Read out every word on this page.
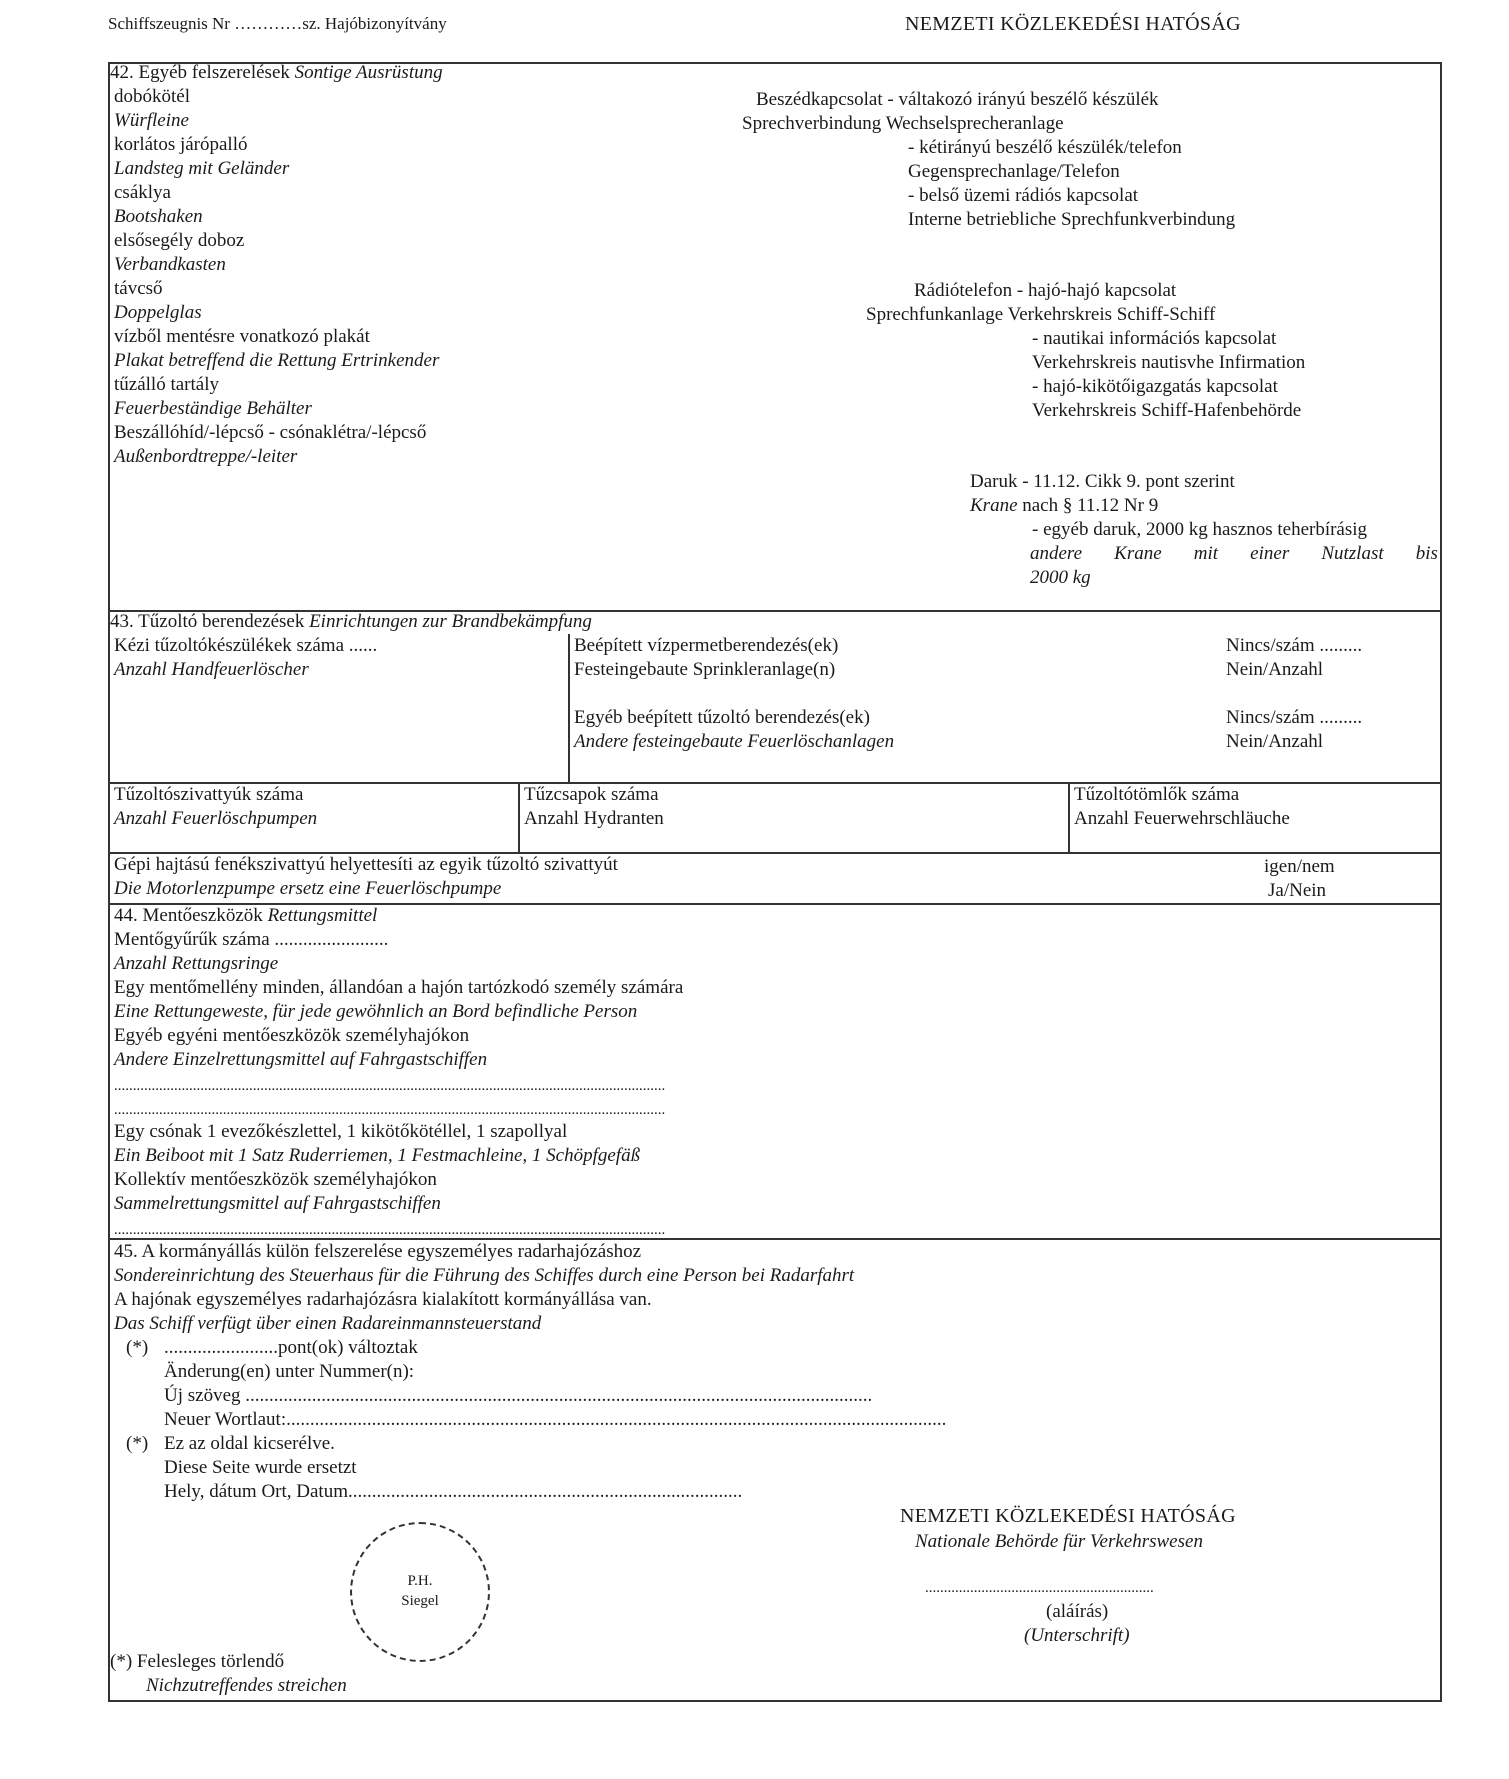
Schiffszeugnis Nr …………sz. Hajóbizonyítvány	NEMZETI KÖZLEKEDÉSI HATÓSÁG
42. Egyéb felszerelések Sontige Ausrüstung
dobókötél
Würfleine
korlátos járópalló
Landsteg mit Geländer
csáklya
Bootshaken
elsősegély doboz
Verbandkasten
távcső
Doppelglas
vízből mentésre vonatkozó plakát
Plakat betreffend die Rettung Ertrinkender
tűzálló tartály
Feuerbeständige Behälter
Beszállóhíd/-lépcső - csónaklétra/-lépcső
Außenbordtreppe/-leiter
Beszédkapcsolat - váltakozó irányú beszélő készülék
Sprechverbindung Wechselsprecheranlage
- kétirányú beszélő készülék/telefon
Gegensprechanlage/Telefon
- belső üzemi rádiós kapcsolat
Interne betriebliche Sprechfunkverbindung
Rádiótelefon - hajó-hajó kapcsolat
Sprechfunkanlage Verkehrskreis Schiff-Schiff
- nautikai információs kapcsolat
Verkehrskreis nautisvhe Infirmation
- hajó-kikötőigazgatás kapcsolat
Verkehrskreis Schiff-Hafenbehörde
Daruk - 11.12. Cikk 9. pont szerint
Krane nach § 11.12 Nr 9
- egyéb daruk, 2000 kg hasznos teherbírásig
andere Krane mit einer Nutzlast bis
2000 kg
43. Tűzoltó berendezések Einrichtungen zur Brandbekämpfung
Kézi tűzoltókészülékek száma ......
Anzahl Handfeuerlöscher
Beépített vízpermetberendezés(ek)
Festeingebaute Sprinkleranlage(n)
Nincs/szám .........
Nein/Anzahl
Egyéb beépített tűzoltó berendezés(ek)
Andere festeingebaute Feuerlöschanlagen
Nincs/szám .........
Nein/Anzahl
Tűzoltószivattyúk száma
Anzahl Feuerlöschpumpen
Tűzcsapok száma
Anzahl Hydranten
Tűzoltótömlők száma
Anzahl Feuerwehrschläuche
Gépi hajtású fenékszivattyú helyettesíti az egyik tűzoltó szivattyút
Die Motorlenzpumpe ersetz eine Feuerlöschpumpe
igen/nem
Ja/Nein
44. Mentőeszközök Rettungsmittel
Mentőgyűrűk száma ........................
Anzahl Rettungsringe
Egy mentőmellény minden, állandóan a hajón tartózkodó személy számára
Eine Rettungeweste, für jede gewöhnlich an Bord befindliche Person
Egyéb egyéni mentőeszközök személyhajókon
Andere Einzelrettungsmittel auf Fahrgastschiffen
...................................................................................................................................................
...................................................................................................................................................
Egy csónak 1 evezőkészlettel, 1 kikötőkötéllel, 1 szapollyal
Ein Beiboot mit 1 Satz Ruderriemen, 1 Festmachleine, 1 Schöpfgefäß
Kollektív mentőeszközök személyhajókon
Sammelrettungsmittel auf Fahrgastschiffen
...................................................................................................................................................
45. A kormányállás külön felszerelése egyszemélyes radarhajózáshoz
Sondereinrichtung des Steuerhaus für die Führung des Schiffes durch eine Person bei Radarfahrt
A hajónak egyszemélyes radarhajózásra kialakított kormányállása van.
Das Schiff verfügt über einen Radareinmannsteuerstand
(*) ........................pont(ok) változtak
Änderung(en) unter Nummer(n):
Új szöveg ....................................................................................................................................
Neuer Wortlaut:...........................................................................................................................................
(*) Ez az oldal kicserélve.
Diese Seite wurde ersetzt
Hely, dátum Ort, Datum...................................................................................
P.H.
Siegel
NEMZETI KÖZLEKEDÉSI HATÓSÁG
Nationale Behörde für Verkehrswesen
.............................................................
(aláírás)
(Unterschrift)
(*) Felesleges törlendő
Nichzutreffendes streichen
